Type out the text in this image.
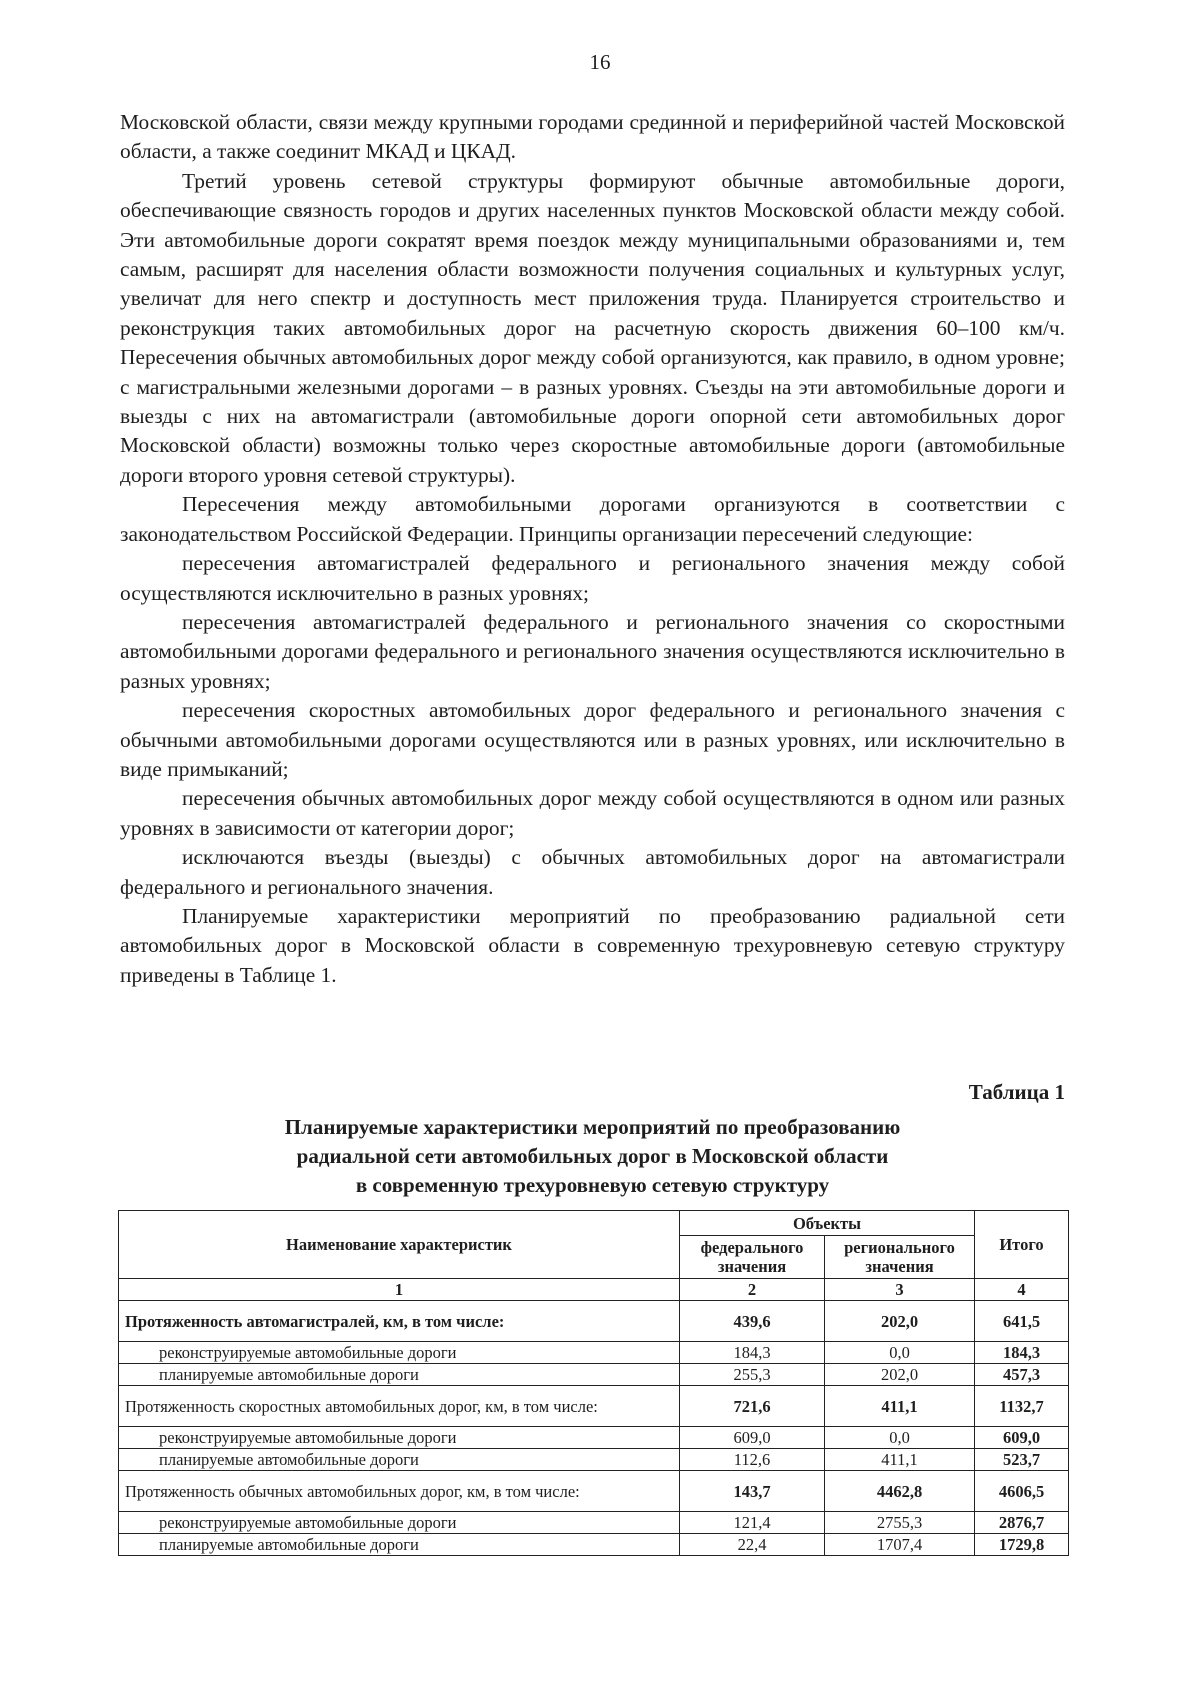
16

Московской области, связи между крупными городами срединной и периферийной частей Московской области, а также соединит МКАД и ЦКАД.

Третий уровень сетевой структуры формируют обычные автомобильные дороги, обеспечивающие связность городов и других населенных пунктов Московской области между собой. Эти автомобильные дороги сократят время поездок между муниципальными образованиями и, тем самым, расширят для населения области возможности получения социальных и культурных услуг, увеличат для него спектр и доступность мест приложения труда. Планируется строительство и реконструкция таких автомобильных дорог на расчетную скорость движения 60–100 км/ч. Пересечения обычных автомобильных дорог между собой организуются, как правило, в одном уровне; с магистральными железными дорогами – в разных уровнях. Съезды на эти автомобильные дороги и выезды с них на автомагистрали (автомобильные дороги опорной сети автомобильных дорог Московской области) возможны только через скоростные автомобильные дороги (автомобильные дороги второго уровня сетевой структуры).

Пересечения между автомобильными дорогами организуются в соответствии с законодательством Российской Федерации. Принципы организации пересечений следующие:

пересечения автомагистралей федерального и регионального значения между собой осуществляются исключительно в разных уровнях;

пересечения автомагистралей федерального и регионального значения со скоростными автомобильными дорогами федерального и регионального значения осуществляются исключительно в разных уровнях;

пересечения скоростных автомобильных дорог федерального и регионального значения с обычными автомобильными дорогами осуществляются или в разных уровнях, или исключительно в виде примыканий;

пересечения обычных автомобильных дорог между собой осуществляются в одном или разных уровнях в зависимости от категории дорог;

исключаются въезды (выезды) с обычных автомобильных дорог на автомагистрали федерального и регионального значения.

Планируемые характеристики мероприятий по преобразованию радиальной сети автомобильных дорог в Московской области в современную трехуровневую сетевую структуру приведены в Таблице 1.

Таблица 1
Планируемые характеристики мероприятий по преобразованию
радиальной сети автомобильных дорог в Московской области
в современную трехуровневую сетевую структуру
Наименование характеристик	Объекты		Итого
	федерального значения	регионального значения	
1	2	3	4
Протяженность автомагистралей, км, в том числе:	439,6	202,0	641,5
реконструируемые автомобильные дороги	184,3	0,0	184,3
планируемые автомобильные дороги	255,3	202,0	457,3
Протяженность скоростных автомобильных дорог, км, в том числе:	721,6	411,1	1132,7
реконструируемые автомобильные дороги	609,0	0,0	609,0
планируемые автомобильные дороги	112,6	411,1	523,7
Протяженность обычных автомобильных дорог, км, в том числе:	143,7	4462,8	4606,5
реконструируемые автомобильные дороги	121,4	2755,3	2876,7
планируемые автомобильные дороги	22,4	1707,4	1729,8
